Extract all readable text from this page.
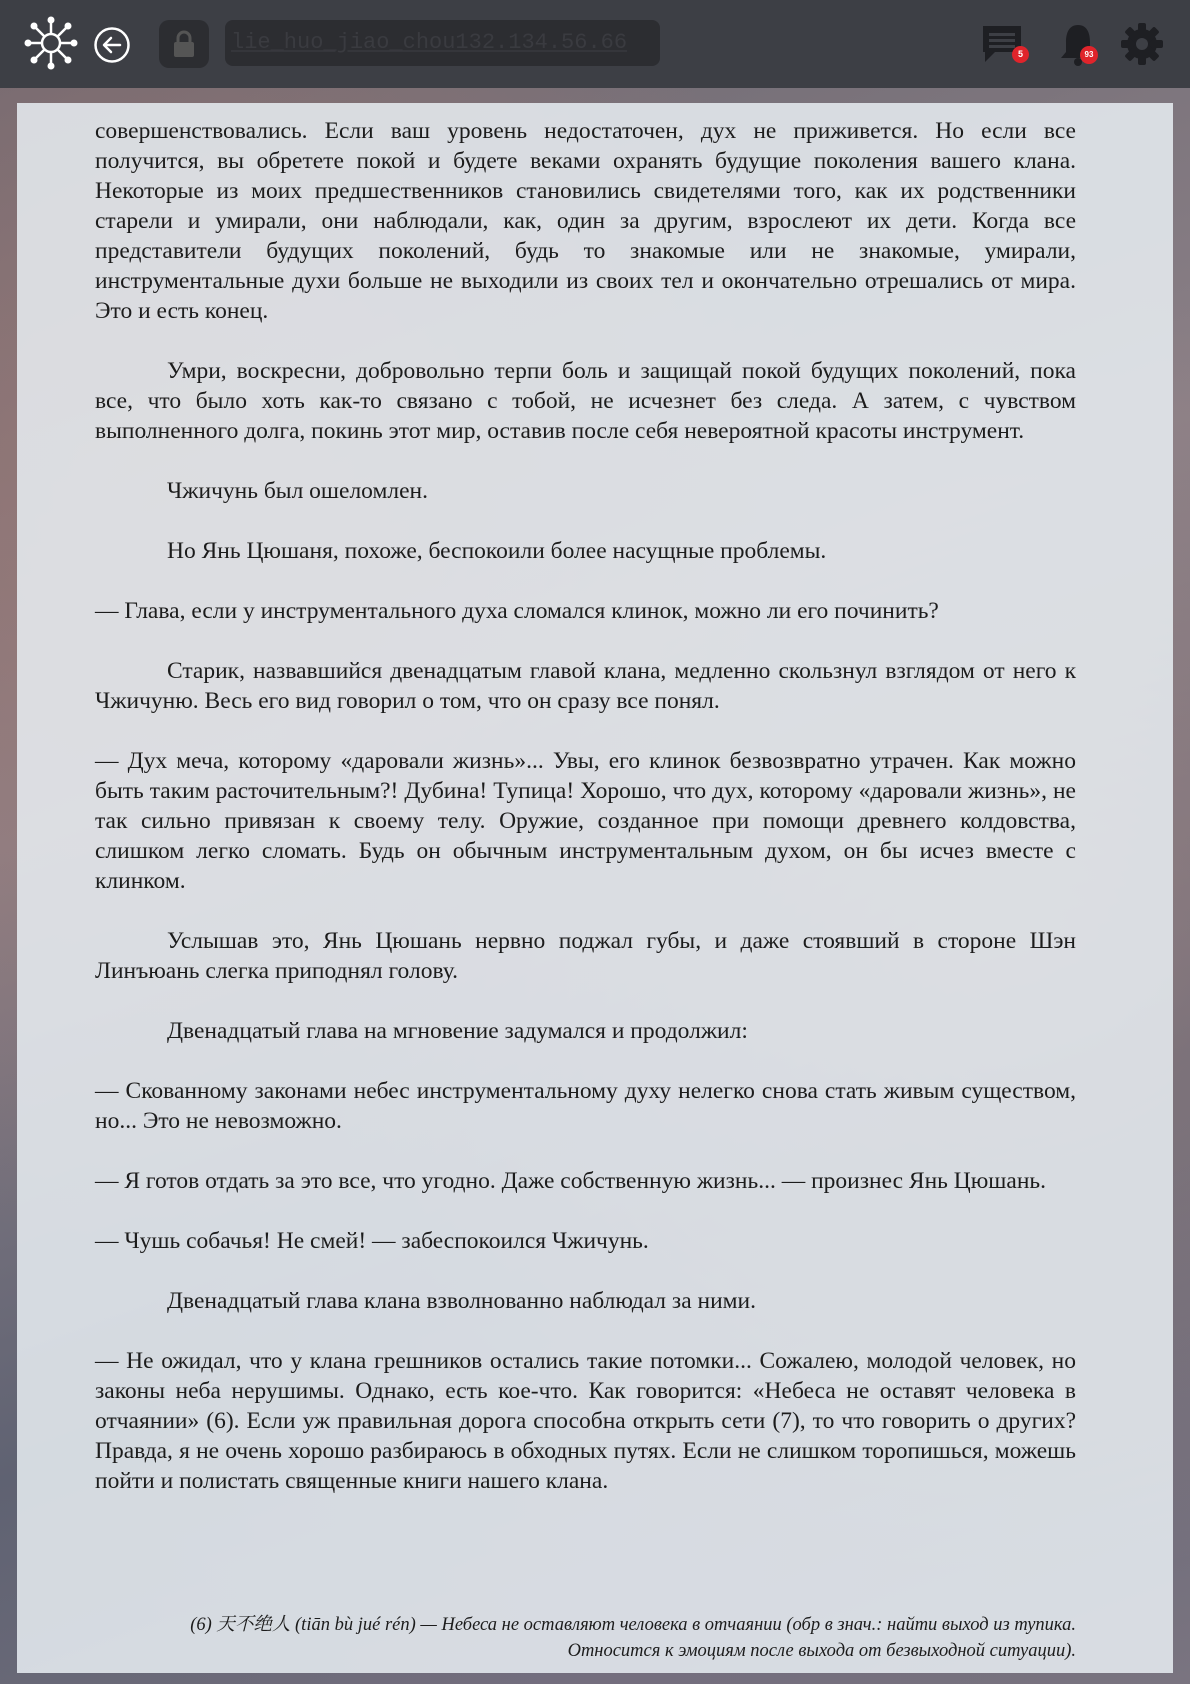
lie_huo_jiao_chou132.134.56.66	5	93

совершенствовались. Если ваш уровень недостаточен, дух не приживется. Но если все получится, вы обретете покой и будете веками охранять будущие поколения вашего клана. Некоторые из моих предшественников становились свидетелями того, как их родственники старели и умирали, они наблюдали, как, один за другим, взрослеют их дети. Когда все представители будущих поколений, будь то знакомые или не знакомые, умирали, инструментальные духи больше не выходили из своих тел и окончательно отрешались от мира. Это и есть конец.

Умри, воскресни, добровольно терпи боль и защищай покой будущих поколений, пока все, что было хоть как-то связано с тобой, не исчезнет без следа. А затем, с чувством выполненного долга, покинь этот мир, оставив после себя невероятной красоты инструмент.

Чжичунь был ошеломлен.

Но Янь Цюшаня, похоже, беспокоили более насущные проблемы.

— Глава, если у инструментального духа сломался клинок, можно ли его починить?

Старик, назвавшийся двенадцатым главой клана, медленно скользнул взглядом от него к Чжичуню. Весь его вид говорил о том, что он сразу все понял.

— Дух меча, которому «даровали жизнь»... Увы, его клинок безвозвратно утрачен. Как можно быть таким расточительным?! Дубина! Тупица! Хорошо, что дух, которому «даровали жизнь», не так сильно привязан к своему телу. Оружие, созданное при помощи древнего колдовства, слишком легко сломать. Будь он обычным инструментальным духом, он бы исчез вместе с клинком.

Услышав это, Янь Цюшань нервно поджал губы, и даже стоявший в стороне Шэн Линъюань слегка приподнял голову.

Двенадцатый глава на мгновение задумался и продолжил:

— Скованному законами небес инструментальному духу нелегко снова стать живым существом, но... Это не невозможно.

— Я готов отдать за это все, что угодно. Даже собственную жизнь... — произнес Янь Цюшань.

— Чушь собачья! Не смей! — забеспокоился Чжичунь.

Двенадцатый глава клана взволнованно наблюдал за ними.

— Не ожидал, что у клана грешников остались такие потомки... Сожалею, молодой человек, но законы неба нерушимы. Однако, есть кое-что. Как говорится: «Небеса не оставят человека в отчаянии» (6). Если уж правильная дорога способна открыть сети (7), то что говорить о других? Правда, я не очень хорошо разбираюсь в обходных путях. Если не слишком торопишься, можешь пойти и полистать священные книги нашего клана.

(6) 天不绝人 (tiān bù jué rén) — Небеса не оставляют человека в отчаянии (обр в знач.: найти выход из тупика. Относится к эмоциям после выхода от безвыходной ситуации).
